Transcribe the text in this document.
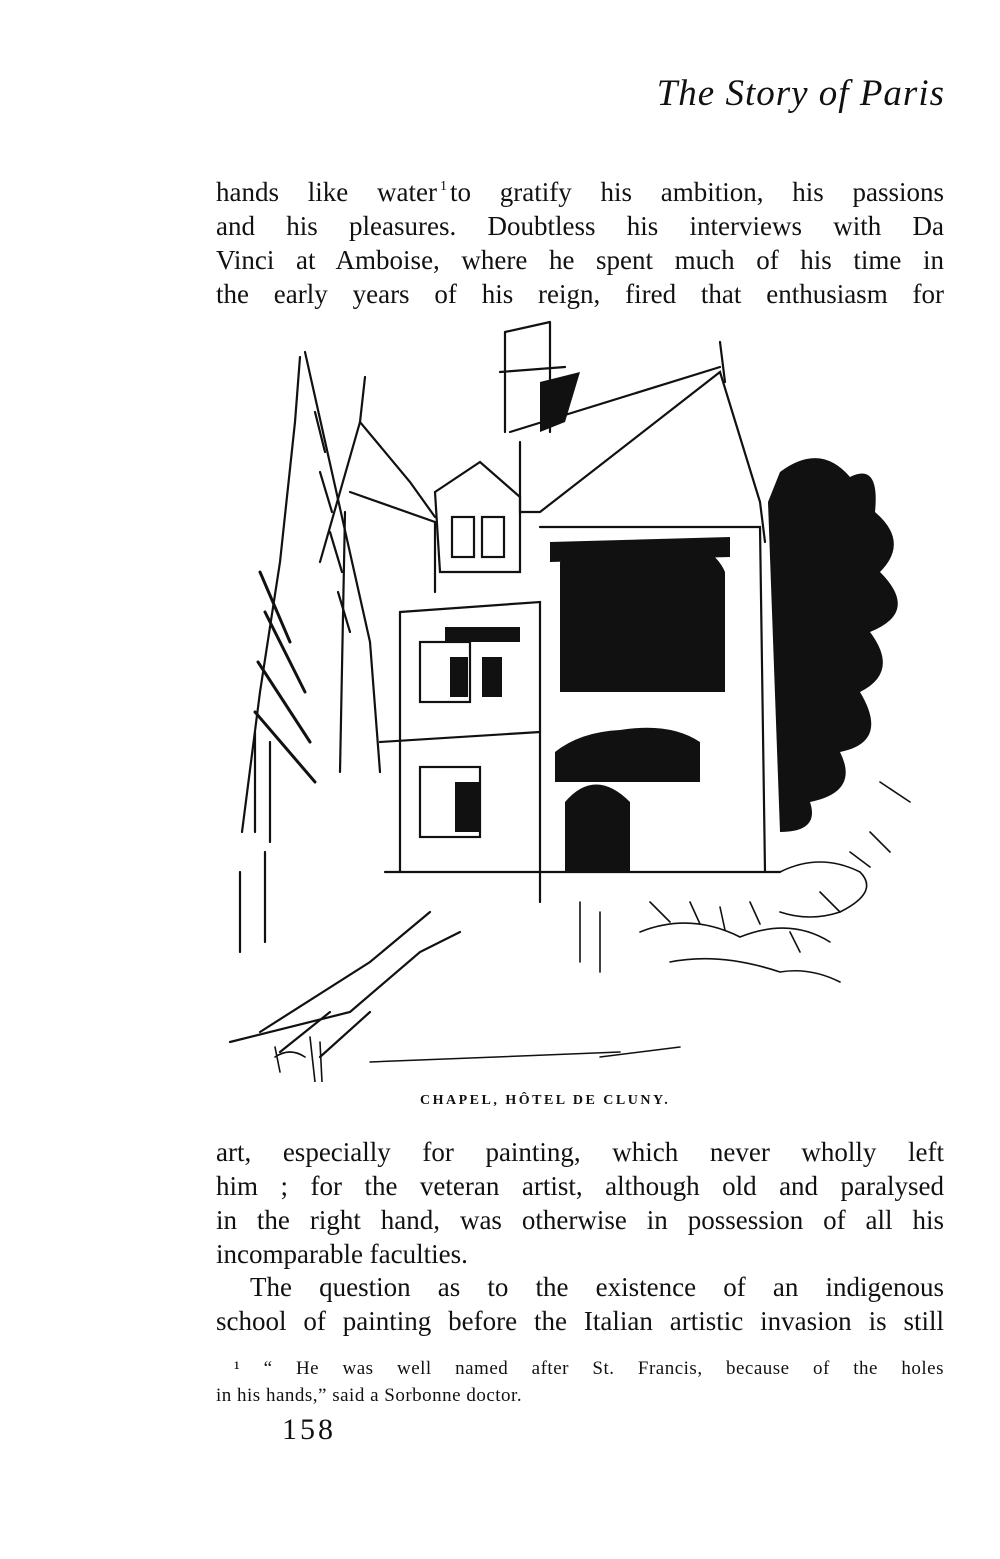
The Story of Paris

hands like water $^1$ to gratify his ambition, his passions
and his pleasures. Doubtless his interviews with Da
Vinci at Amboise, where he spent much of his time in
the early years of his reign, fired that enthusiasm for

CHAPEL, HÔTEL DE CLUNY.

art, especially for painting, which never wholly left
him ; for the veteran artist, although old and paralysed
in the right hand, was otherwise in possession of all his
incomparable faculties.

The question as to the existence of an indigenous
school of painting before the Italian artistic invasion is still

¹ “ He was well named after St. Francis, because of the holes
in his hands,” said a Sorbonne doctor.
158
